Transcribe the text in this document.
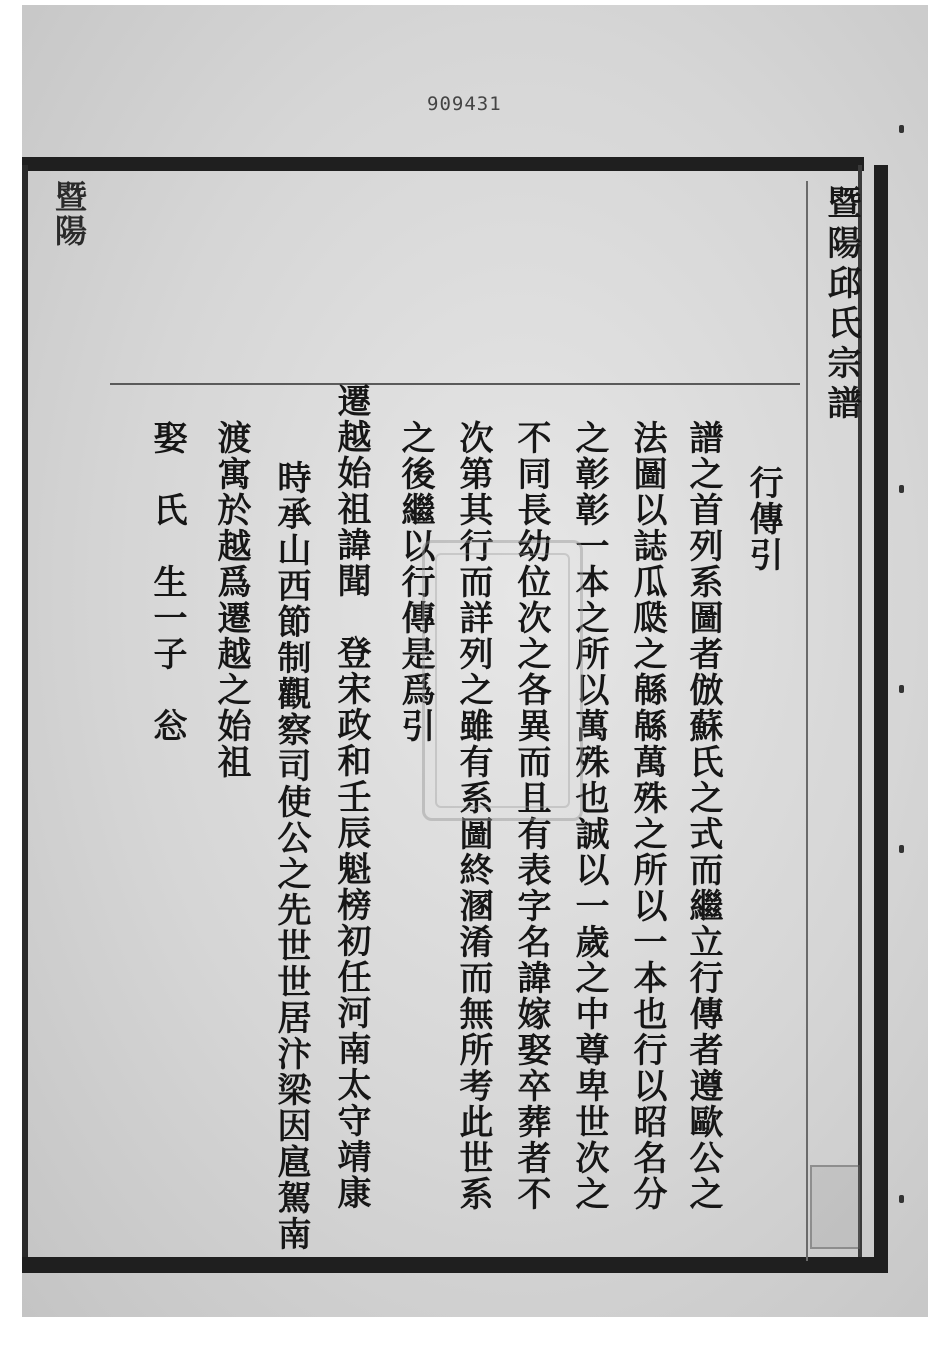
909431
暨陽	暨陽邱氏宗譜
行傳引
譜之首列系圖者倣蘇氏之式而繼立行傳者遵歐公之
法圖以誌瓜瓞之緜緜萬殊之所以一本也行以昭名分
之彰彰一本之所以萬殊也誠以一歲之中尊卑世次之
不同長幼位次之各異而且有表字名諱嫁娶卒葬者不
次第其行而詳列之雖有系圖終溷淆而無所考此世系
之後繼以行傳是爲引
遷越始祖諱聞　登宋政和壬辰魁榜初任河南太守靖康
時承山西節制觀察司使公之先世世居汴梁因扈駕南
渡寓於越爲遷越之始祖
娶　氏　生一子　忩
